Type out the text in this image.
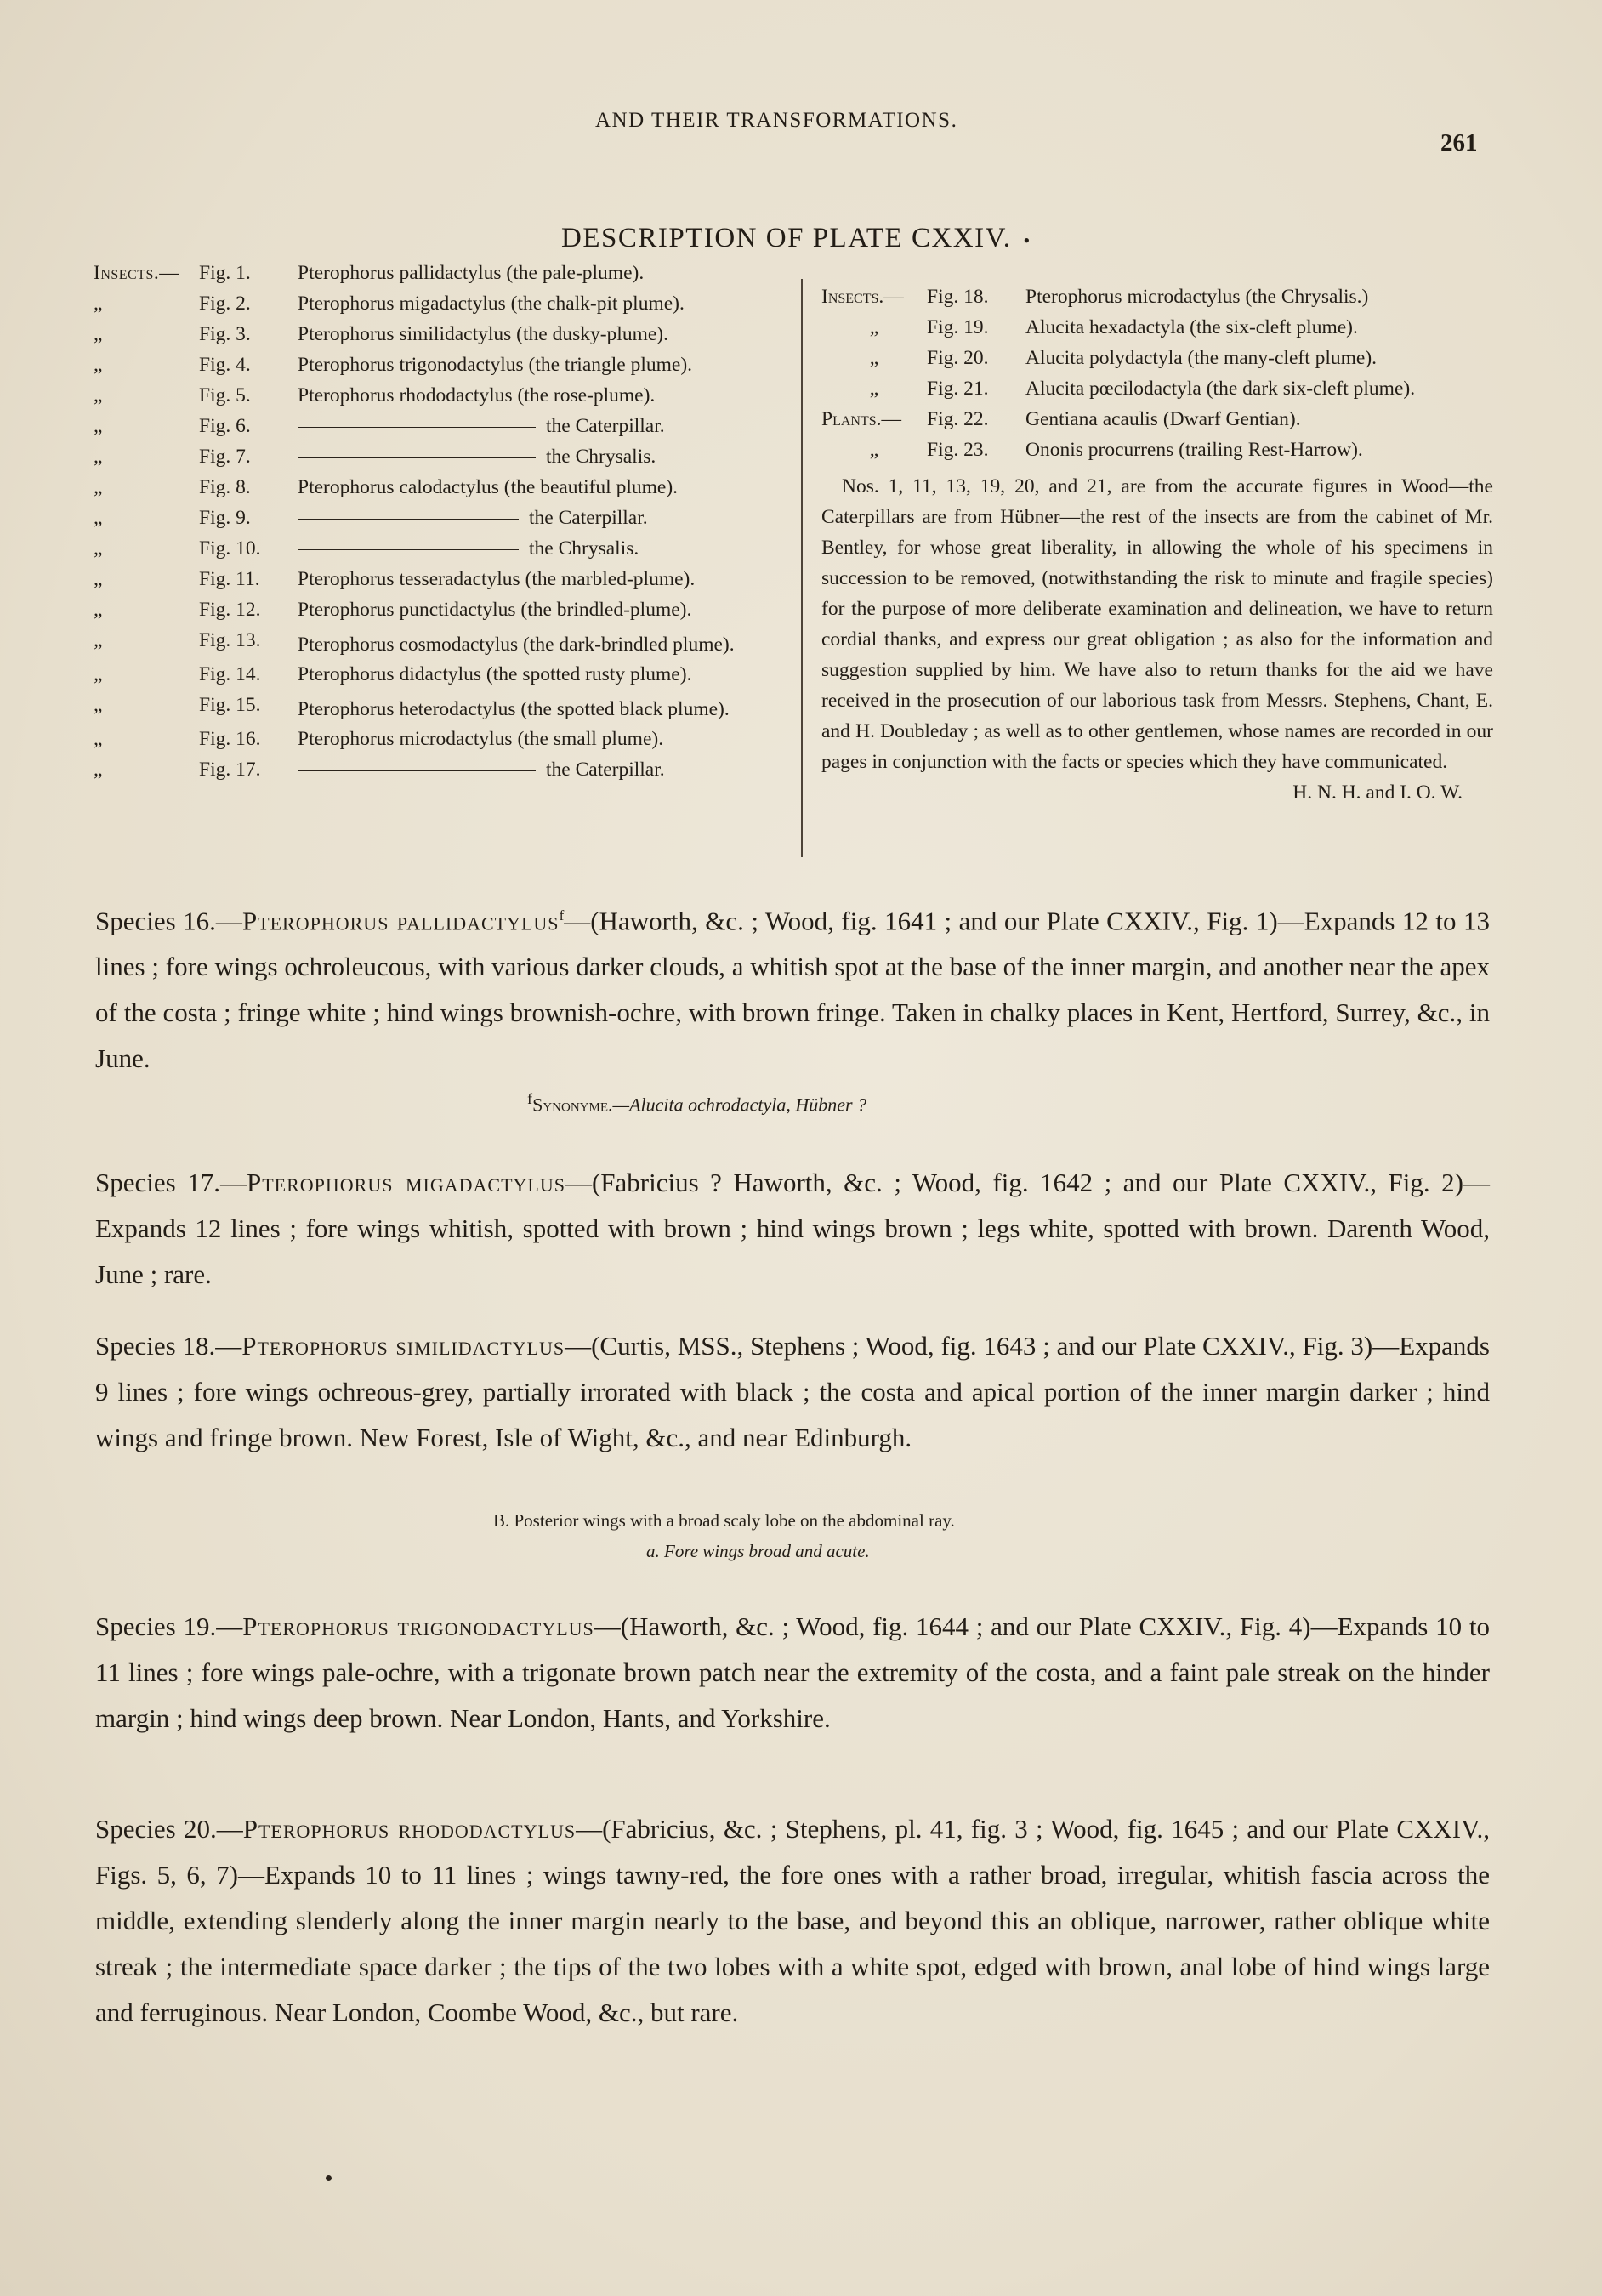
AND THEIR TRANSFORMATIONS.
261
DESCRIPTION OF PLATE CXXIV. •
Insects.— Fig. 1.	Pterophorus pallidactylus (the pale-plume).
„	Fig. 2.	Pterophorus migadactylus (the chalk-pit plume).
„	Fig. 3.	Pterophorus similidactylus (the dusky-plume).
„	Fig. 4.	Pterophorus trigonodactylus (the triangle plume).
„	Fig. 5.	Pterophorus rhododactylus (the rose-plume).
„	Fig. 6.	the Caterpillar.
„	Fig. 7.	the Chrysalis.
„	Fig. 8.	Pterophorus calodactylus (the beautiful plume).
„	Fig. 9.	the Caterpillar.
„	Fig. 10.	the Chrysalis.
„	Fig. 11.	Pterophorus tesseradactylus (the marbled-plume).
„	Fig. 12.	Pterophorus punctidactylus (the brindled-plume).
„	Fig. 13.	Pterophorus cosmodactylus (the dark-brindled plume).
„	Fig. 14.	Pterophorus didactylus (the spotted rusty plume).
„	Fig. 15.	Pterophorus heterodactylus (the spotted black plume).
„	Fig. 16.	Pterophorus microdactylus (the small plume).
„	Fig. 17.	the Caterpillar.
Insects.—	Fig. 18.	Pterophorus microdactylus (the Chrysalis.)
„	Fig. 19.	Alucita hexadactyla (the six-cleft plume).
„	Fig. 20.	Alucita polydactyla (the many-cleft plume).
„	Fig. 21.	Alucita pœcilodactyla (the dark six-cleft plume).
Plants.—	Fig. 22.	Gentiana acaulis (Dwarf Gentian).
„	Fig. 23.	Ononis procurrens (trailing Rest-Harrow).
Nos. 1, 11, 13, 19, 20, and 21, are from the accurate figures in Wood—the Caterpillars are from Hübner—the rest of the insects are from the cabinet of Mr. Bentley, for whose great liberality, in allowing the whole of his specimens in succession to be removed, (notwithstanding the risk to minute and fragile species) for the purpose of more deliberate examination and delineation, we have to return cordial thanks, and express our great obligation ; as also for the information and suggestion supplied by him. We have also to return thanks for the aid we have received in the prosecution of our laborious task from Messrs. Stephens, Chant, E. and H. Doubleday ; as well as to other gentlemen, whose names are recorded in our pages in conjunction with the facts or species which they have communicated.
H. N. H. and I. O. W.
Species 16.—Pterophorus pallidactylus$^f$—(Haworth, &c. ; Wood, fig. 1641 ; and our Plate CXXIV., Fig. 1)—Expands 12 to 13 lines ; fore wings ochroleucous, with various darker clouds, a whitish spot at the base of the inner margin, and another near the apex of the costa ; fringe white ; hind wings brownish-ochre, with brown fringe. Taken in chalky places in Kent, Hertford, Surrey, &c., in June.
$^f$Synonyme.—Alucita ochrodactyla, Hübner ?
Species 17.—Pterophorus migadactylus—(Fabricius ? Haworth, &c. ; Wood, fig. 1642 ; and our Plate CXXIV., Fig. 2)—Expands 12 lines ; fore wings whitish, spotted with brown ; hind wings brown ; legs white, spotted with brown. Darenth Wood, June ; rare.
Species 18.—Pterophorus similidactylus—(Curtis, MSS., Stephens ; Wood, fig. 1643 ; and our Plate CXXIV., Fig. 3)—Expands 9 lines ; fore wings ochreous-grey, partially irrorated with black ; the costa and apical portion of the inner margin darker ; hind wings and fringe brown. New Forest, Isle of Wight, &c., and near Edinburgh.
B. Posterior wings with a broad scaly lobe on the abdominal ray.
a. Fore wings broad and acute.
Species 19.—Pterophorus trigonodactylus—(Haworth, &c. ; Wood, fig. 1644 ; and our Plate CXXIV., Fig. 4)—Expands 10 to 11 lines ; fore wings pale-ochre, with a trigonate brown patch near the extremity of the costa, and a faint pale streak on the hinder margin ; hind wings deep brown. Near London, Hants, and Yorkshire.
Species 20.—Pterophorus rhododactylus—(Fabricius, &c. ; Stephens, pl. 41, fig. 3 ; Wood, fig. 1645 ; and our Plate CXXIV., Figs. 5, 6, 7)—Expands 10 to 11 lines ; wings tawny-red, the fore ones with a rather broad, irregular, whitish fascia across the middle, extending slenderly along the inner margin nearly to the base, and beyond this an oblique, narrower, rather oblique white streak ; the intermediate space darker ; the tips of the two lobes with a white spot, edged with brown, anal lobe of hind wings large and ferruginous. Near London, Coombe Wood, &c., but rare.
